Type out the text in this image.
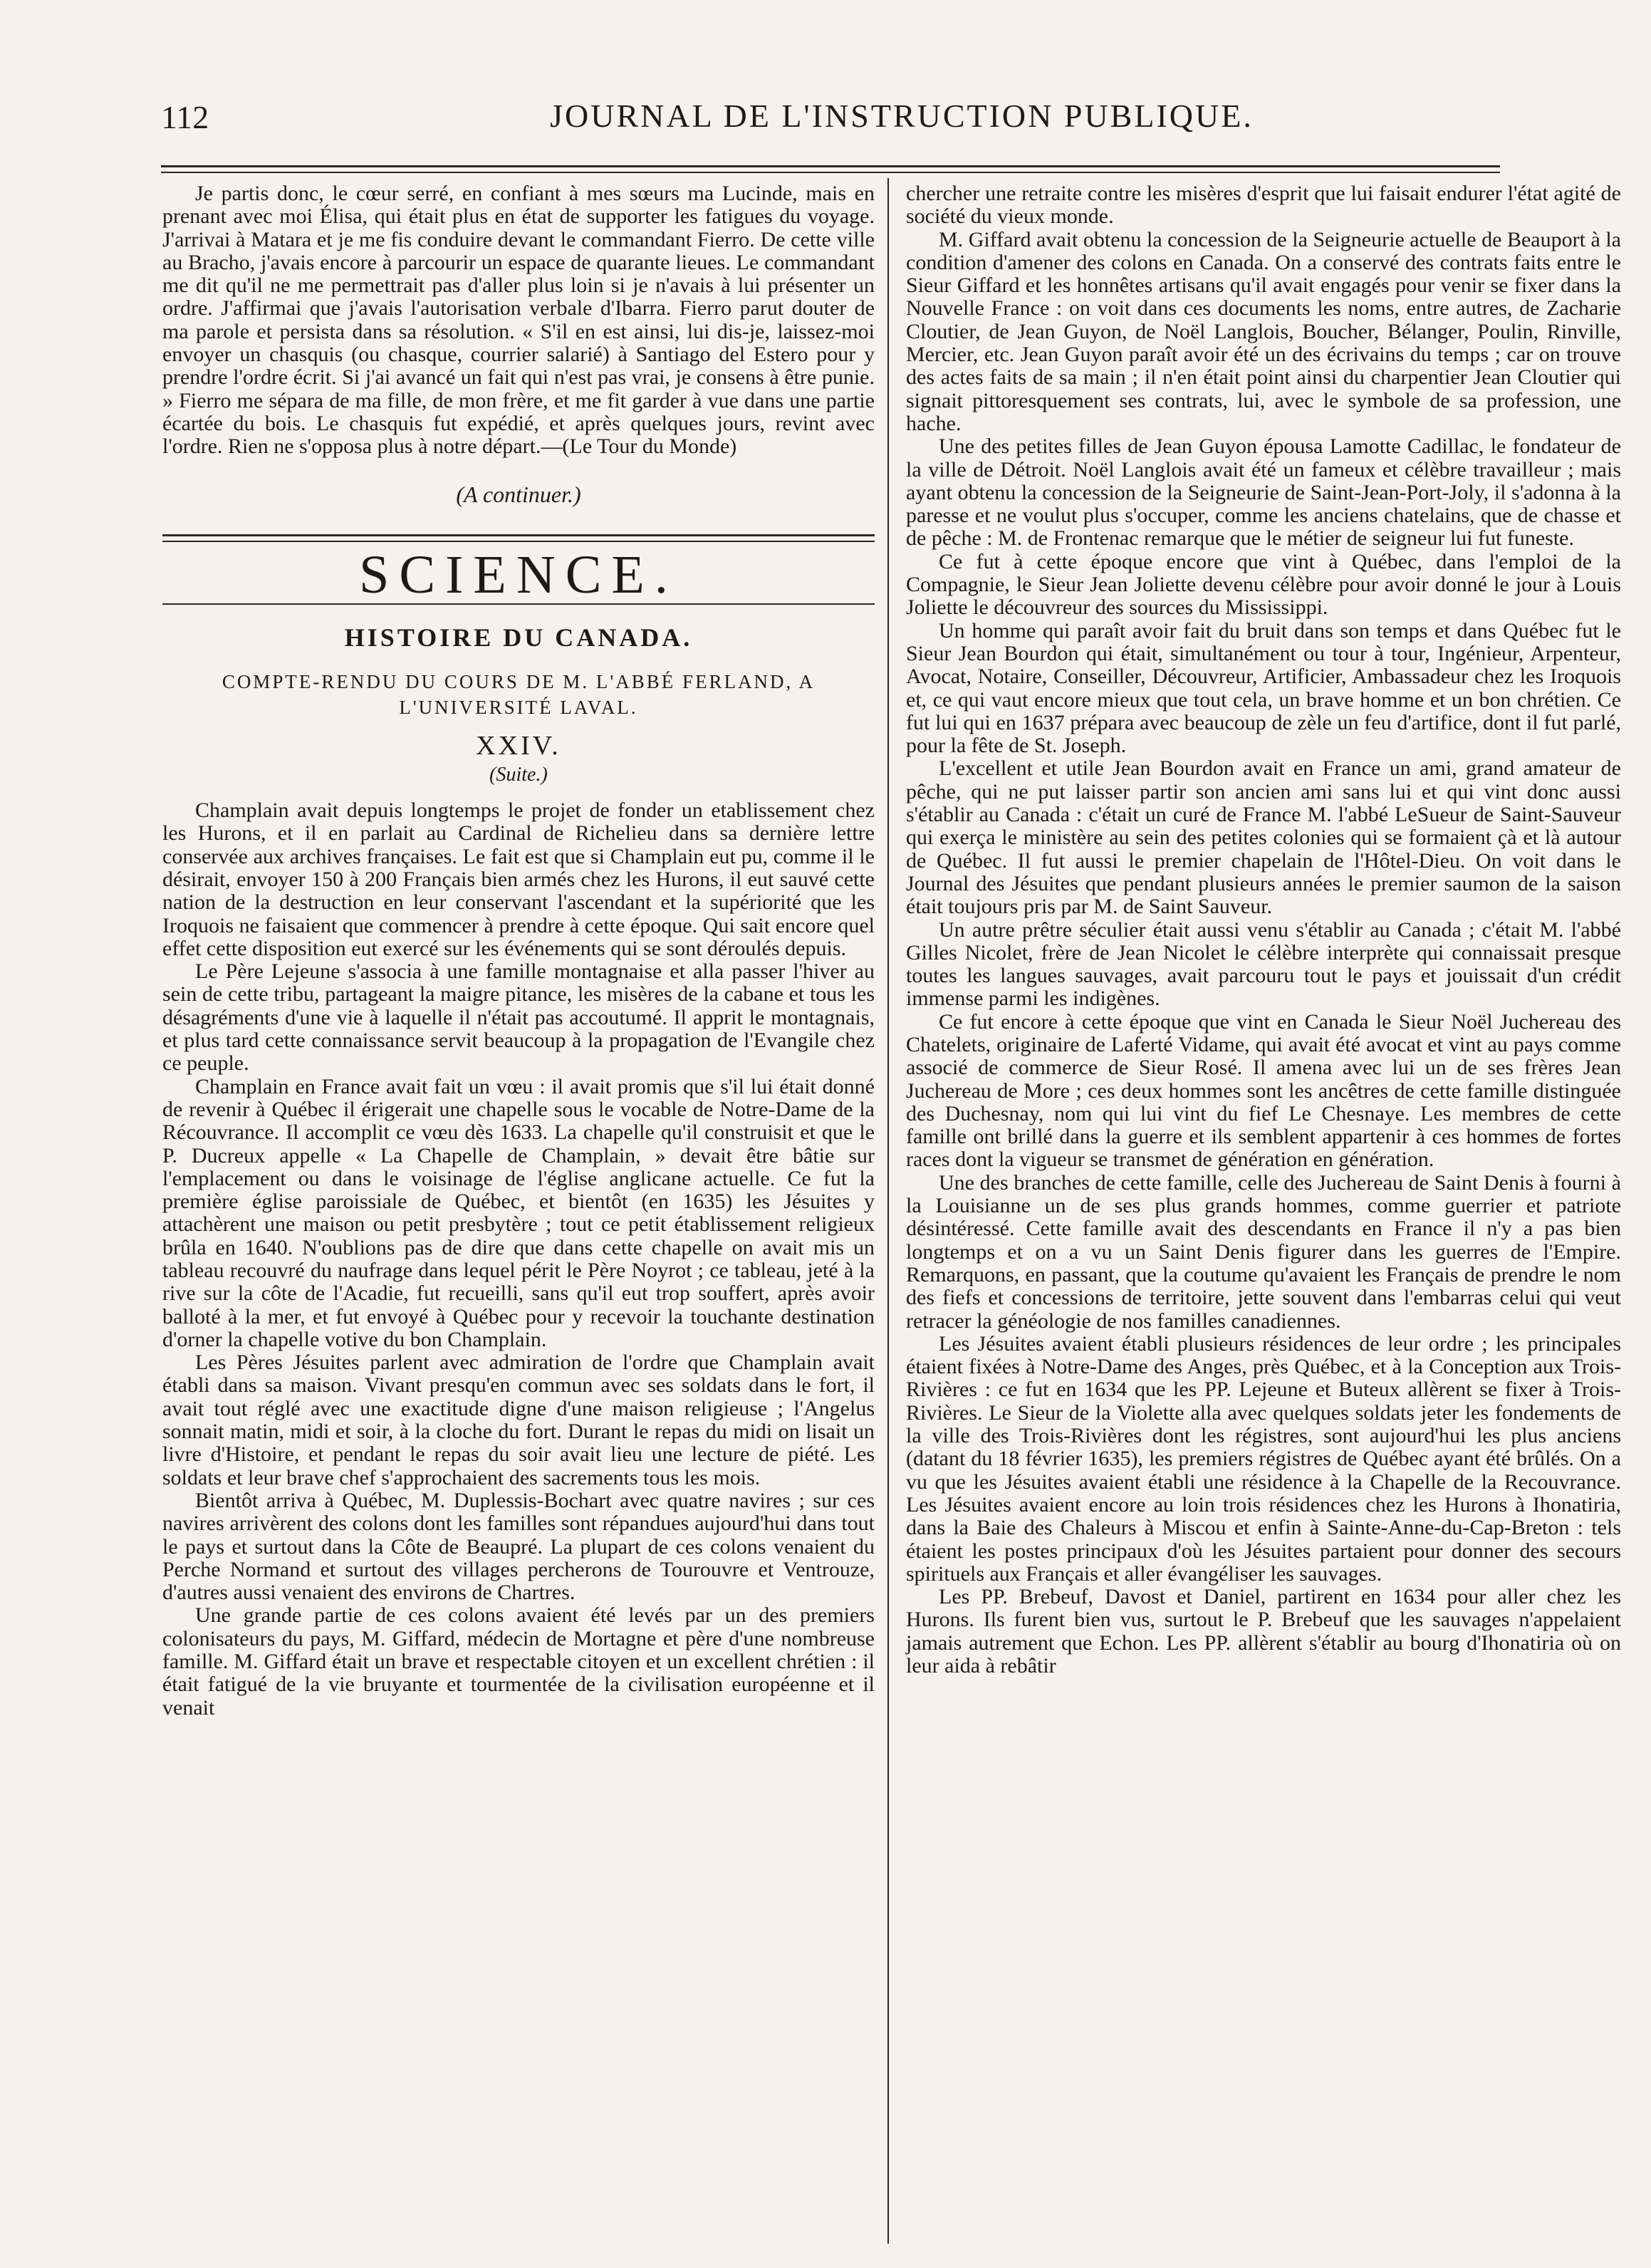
112	JOURNAL DE L'INSTRUCTION PUBLIQUE.

Je partis donc, le cœur serré, en confiant à mes sœurs ma Lucinde, mais en prenant avec moi Élisa, qui était plus en état de supporter les fatigues du voyage. J'arrivai à Matara et je me fis conduire devant le commandant Fierro. De cette ville au Bracho, j'avais encore à parcourir un espace de quarante lieues. Le commandant me dit qu'il ne me permettrait pas d'aller plus loin si je n'avais à lui présenter un ordre. J'affirmai que j'avais l'autorisation verbale d'Ibarra. Fierro parut douter de ma parole et persista dans sa résolution. « S'il en est ainsi, lui dis-je, laissez-moi envoyer un chasquis (ou chasque, courrier salarié) à Santiago del Estero pour y prendre l'ordre écrit. Si j'ai avancé un fait qui n'est pas vrai, je consens à être punie. » Fierro me sépara de ma fille, de mon frère, et me fit garder à vue dans une partie écartée du bois. Le chasquis fut expédié, et après quelques jours, revint avec l'ordre. Rien ne s'opposa plus à notre départ.—(Le Tour du Monde)

(A continuer.)

SCIENCE.
HISTOIRE DU CANADA.
COMPTE-RENDU DU COURS DE M. L'ABBÉ FERLAND, A L'UNIVERSITÉ LAVAL.
XXIV.
(Suite.)

Champlain avait depuis longtemps le projet de fonder un etablissement chez les Hurons, et il en parlait au Cardinal de Richelieu dans sa dernière lettre conservée aux archives françaises. Le fait est que si Champlain eut pu, comme il le désirait, envoyer 150 à 200 Français bien armés chez les Hurons, il eut sauvé cette nation de la destruction en leur conservant l'ascendant et la supériorité que les Iroquois ne faisaient que commencer à prendre à cette époque. Qui sait encore quel effet cette disposition eut exercé sur les événements qui se sont déroulés depuis.

Le Père Lejeune s'associa à une famille montagnaise et alla passer l'hiver au sein de cette tribu, partageant la maigre pitance, les misères de la cabane et tous les désagréments d'une vie à laquelle il n'était pas accoutumé. Il apprit le montagnais, et plus tard cette connaissance servit beaucoup à la propagation de l'Evangile chez ce peuple.

Champlain en France avait fait un vœu : il avait promis que s'il lui était donné de revenir à Québec il érigerait une chapelle sous le vocable de Notre-Dame de la Récouvrance. Il accomplit ce vœu dès 1633. La chapelle qu'il construisit et que le P. Ducreux appelle « La Chapelle de Champlain, » devait être bâtie sur l'emplacement ou dans le voisinage de l'église anglicane actuelle. Ce fut la première église paroissiale de Québec, et bientôt (en 1635) les Jésuites y attachèrent une maison ou petit presbytère ; tout ce petit établissement religieux brûla en 1640. N'oublions pas de dire que dans cette chapelle on avait mis un tableau recouvré du naufrage dans lequel périt le Père Noyrot ; ce tableau, jeté à la rive sur la côte de l'Acadie, fut recueilli, sans qu'il eut trop souffert, après avoir balloté à la mer, et fut envoyé à Québec pour y recevoir la touchante destination d'orner la chapelle votive du bon Champlain.

Les Pères Jésuites parlent avec admiration de l'ordre que Champlain avait établi dans sa maison. Vivant presqu'en commun avec ses soldats dans le fort, il avait tout réglé avec une exactitude digne d'une maison religieuse ; l'Angelus sonnait matin, midi et soir, à la cloche du fort. Durant le repas du midi on lisait un livre d'Histoire, et pendant le repas du soir avait lieu une lecture de piété. Les soldats et leur brave chef s'approchaient des sacrements tous les mois.

Bientôt arriva à Québec, M. Duplessis-Bochart avec quatre navires ; sur ces navires arrivèrent des colons dont les familles sont répandues aujourd'hui dans tout le pays et surtout dans la Côte de Beaupré. La plupart de ces colons venaient du Perche Normand et surtout des villages percherons de Tourouvre et Ventrouze, d'autres aussi venaient des environs de Chartres.

Une grande partie de ces colons avaient été levés par un des premiers colonisateurs du pays, M. Giffard, médecin de Mortagne et père d'une nombreuse famille. M. Giffard était un brave et respectable citoyen et un excellent chrétien : il était fatigué de la vie bruyante et tourmentée de la civilisation européenne et il venait

chercher une retraite contre les misères d'esprit que lui faisait endurer l'état agité de société du vieux monde.

M. Giffard avait obtenu la concession de la Seigneurie actuelle de Beauport à la condition d'amener des colons en Canada. On a conservé des contrats faits entre le Sieur Giffard et les honnêtes artisans qu'il avait engagés pour venir se fixer dans la Nouvelle France : on voit dans ces documents les noms, entre autres, de Zacharie Cloutier, de Jean Guyon, de Noël Langlois, Boucher, Bélanger, Poulin, Rinville, Mercier, etc. Jean Guyon paraît avoir été un des écrivains du temps ; car on trouve des actes faits de sa main ; il n'en était point ainsi du charpentier Jean Cloutier qui signait pittoresquement ses contrats, lui, avec le symbole de sa profession, une hache.

Une des petites filles de Jean Guyon épousa Lamotte Cadillac, le fondateur de la ville de Détroit. Noël Langlois avait été un fameux et célèbre travailleur ; mais ayant obtenu la concession de la Seigneurie de Saint-Jean-Port-Joly, il s'adonna à la paresse et ne voulut plus s'occuper, comme les anciens chatelains, que de chasse et de pêche : M. de Frontenac remarque que le métier de seigneur lui fut funeste.

Ce fut à cette époque encore que vint à Québec, dans l'emploi de la Compagnie, le Sieur Jean Joliette devenu célèbre pour avoir donné le jour à Louis Joliette le découvreur des sources du Mississippi.

Un homme qui paraît avoir fait du bruit dans son temps et dans Québec fut le Sieur Jean Bourdon qui était, simultanément ou tour à tour, Ingénieur, Arpenteur, Avocat, Notaire, Conseiller, Découvreur, Artificier, Ambassadeur chez les Iroquois et, ce qui vaut encore mieux que tout cela, un brave homme et un bon chrétien. Ce fut lui qui en 1637 prépara avec beaucoup de zèle un feu d'artifice, dont il fut parlé, pour la fête de St. Joseph.

L'excellent et utile Jean Bourdon avait en France un ami, grand amateur de pêche, qui ne put laisser partir son ancien ami sans lui et qui vint donc aussi s'établir au Canada : c'était un curé de France M. l'abbé LeSueur de Saint-Sauveur qui exerça le ministère au sein des petites colonies qui se formaient çà et là autour de Québec. Il fut aussi le premier chapelain de l'Hôtel-Dieu. On voit dans le Journal des Jésuites que pendant plusieurs années le premier saumon de la saison était toujours pris par M. de Saint Sauveur.

Un autre prêtre séculier était aussi venu s'établir au Canada ; c'était M. l'abbé Gilles Nicolet, frère de Jean Nicolet le célèbre interprète qui connaissait presque toutes les langues sauvages, avait parcouru tout le pays et jouissait d'un crédit immense parmi les indigènes.

Ce fut encore à cette époque que vint en Canada le Sieur Noël Juchereau des Chatelets, originaire de Laferté Vidame, qui avait été avocat et vint au pays comme associé de commerce de Sieur Rosé. Il amena avec lui un de ses frères Jean Juchereau de More ; ces deux hommes sont les ancêtres de cette famille distinguée des Duchesnay, nom qui lui vint du fief Le Chesnaye. Les membres de cette famille ont brillé dans la guerre et ils semblent appartenir à ces hommes de fortes races dont la vigueur se transmet de génération en génération.

Une des branches de cette famille, celle des Juchereau de Saint Denis à fourni à la Louisianne un de ses plus grands hommes, comme guerrier et patriote désintéressé. Cette famille avait des descendants en France il n'y a pas bien longtemps et on a vu un Saint Denis figurer dans les guerres de l'Empire. Remarquons, en passant, que la coutume qu'avaient les Français de prendre le nom des fiefs et concessions de territoire, jette souvent dans l'embarras celui qui veut retracer la généologie de nos familles canadiennes.

Les Jésuites avaient établi plusieurs résidences de leur ordre ; les principales étaient fixées à Notre-Dame des Anges, près Québec, et à la Conception aux Trois-Rivières : ce fut en 1634 que les PP. Lejeune et Buteux allèrent se fixer à Trois-Rivières. Le Sieur de la Violette alla avec quelques soldats jeter les fondements de la ville des Trois-Rivières dont les régistres, sont aujourd'hui les plus anciens (datant du 18 février 1635), les premiers régistres de Québec ayant été brûlés. On a vu que les Jésuites avaient établi une résidence à la Chapelle de la Recouvrance. Les Jésuites avaient encore au loin trois résidences chez les Hurons à Ihonatiria, dans la Baie des Chaleurs à Miscou et enfin à Sainte-Anne-du-Cap-Breton : tels étaient les postes principaux d'où les Jésuites partaient pour donner des secours spirituels aux Français et aller évangéliser les sauvages.

Les PP. Brebeuf, Davost et Daniel, partirent en 1634 pour aller chez les Hurons. Ils furent bien vus, surtout le P. Brebeuf que les sauvages n'appelaient jamais autrement que Echon. Les PP. allèrent s'établir au bourg d'Ihonatiria où on leur aida à rebâtir
